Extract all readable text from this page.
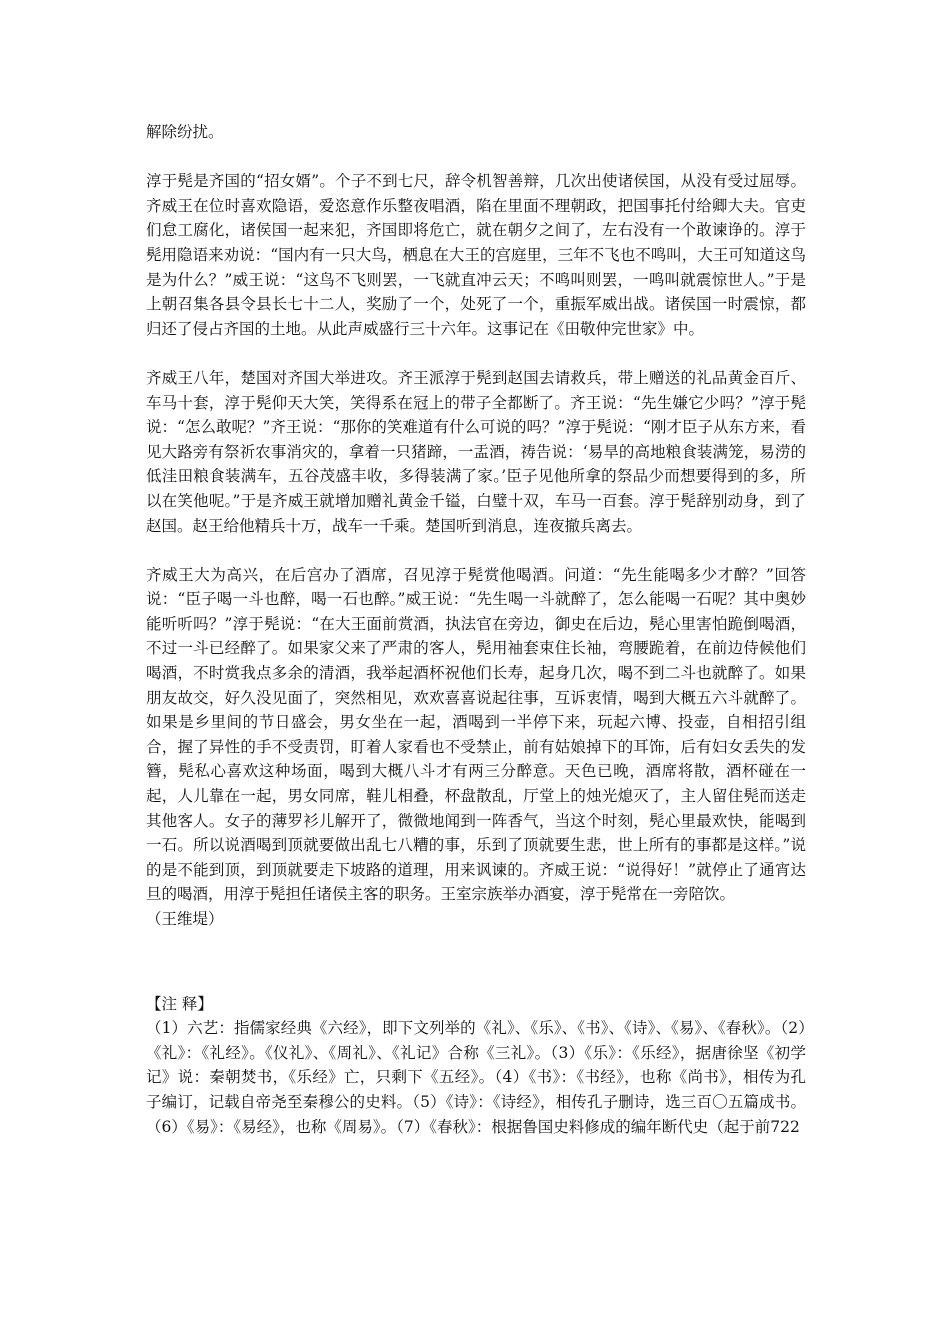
解除纷扰。

淳于髡是齐国的“招女婿”。个子不到七尺，辞令机智善辩，几次出使诸侯国，从没有受过屈辱。齐威王在位时喜欢隐语，爱恣意作乐整夜唱酒，陷在里面不理朝政，把国事托付给卿大夫。官吏们怠工腐化，诸侯国一起来犯，齐国即将危亡，就在朝夕之间了，左右没有一个敢谏诤的。淳于髡用隐语来劝说：“国内有一只大鸟，栖息在大王的宫庭里，三年不飞也不鸣叫，大王可知道这鸟是为什么？”威王说：“这鸟不飞则罢，一飞就直冲云天；不鸣叫则罢，一鸣叫就震惊世人。”于是上朝召集各县令县长七十二人，奖励了一个，处死了一个，重振军威出战。诸侯国一时震惊，都归还了侵占齐国的土地。从此声威盛行三十六年。这事记在《田敬仲完世家》中。

齐威王八年，楚国对齐国大举进攻。齐王派淳于髡到赵国去请救兵，带上赠送的礼品黄金百斤、车马十套，淳于髡仰天大笑，笑得系在冠上的带子全都断了。齐王说：“先生嫌它少吗？”淳于髡说：“怎么敢呢？”齐王说：“那你的笑难道有什么可说的吗？”淳于髡说：“刚才臣子从东方来，看见大路旁有祭祈农事消灾的，拿着一只猪蹄，一盂酒，祷告说：‘易旱的高地粮食装满笼，易涝的低洼田粮食装满车，五谷茂盛丰收，多得装满了家。’臣子见他所拿的祭品少而想要得到的多，所以在笑他呢。”于是齐威王就增加赠礼黄金千镒，白璧十双，车马一百套。淳于髡辞别动身，到了赵国。赵王给他精兵十万，战车一千乘。楚国听到消息，连夜撤兵离去。

齐威王大为高兴，在后宫办了酒席，召见淳于髡赏他喝酒。问道：“先生能喝多少才醉？”回答说：“臣子喝一斗也醉，喝一石也醉。”威王说：“先生喝一斗就醉了，怎么能喝一石呢？其中奥妙能听听吗？”淳于髡说：“在大王面前赏酒，执法官在旁边，御史在后边，髡心里害怕跪倒喝酒，不过一斗已经醉了。如果家父来了严肃的客人，髡用袖套束住长袖，弯腰跪着，在前边侍候他们喝酒，不时赏我点多余的清酒，我举起酒杯祝他们长寿，起身几次，喝不到二斗也就醉了。如果朋友故交，好久没见面了，突然相见，欢欢喜喜说起往事，互诉衷情，喝到大概五六斗就醉了。如果是乡里间的节日盛会，男女坐在一起，酒喝到一半停下来，玩起六博、投壶，自相招引组合，握了异性的手不受责罚，盯着人家看也不受禁止，前有姑娘掉下的耳饰，后有妇女丢失的发簪，髡私心喜欢这种场面，喝到大概八斗才有两三分醉意。天色已晚，酒席将散，酒杯碰在一起，人儿靠在一起，男女同席，鞋儿相叠，杯盘散乱，厅堂上的烛光熄灭了，主人留住髡而送走其他客人。女子的薄罗衫儿解开了，微微地闻到一阵香气，当这个时刻，髡心里最欢快，能喝到一石。所以说酒喝到顶就要做出乱七八糟的事，乐到了顶就要生悲，世上所有的事都是这样。”说的是不能到顶，到顶就要走下坡路的道理，用来讽谏的。齐威王说：“说得好！”就停止了通宵达旦的喝酒，用淳于髡担任诸侯主客的职务。王室宗族举办酒宴，淳于髡常在一旁陪饮。

（王维堤）

【注 释】

（1）六艺：指儒家经典《六经》，即下文列举的《礼》、《乐》、《书》、《诗》、《易》、《春秋》。（2）《礼》：《礼经》。《仪礼》、《周礼》、《礼记》合称《三礼》。（3）《乐》：《乐经》，据唐徐坚《初学记》说：秦朝焚书，《乐经》亡，只剩下《五经》。（4）《书》：《书经》，也称《尚书》，相传为孔子编订，记载自帝尧至秦穆公的史料。（5）《诗》：《诗经》，相传孔子删诗，选三百〇五篇成书。（6）《易》：《易经》，也称《周易》。（7）《春秋》：根据鲁国史料修成的编年断代史（起于前722
